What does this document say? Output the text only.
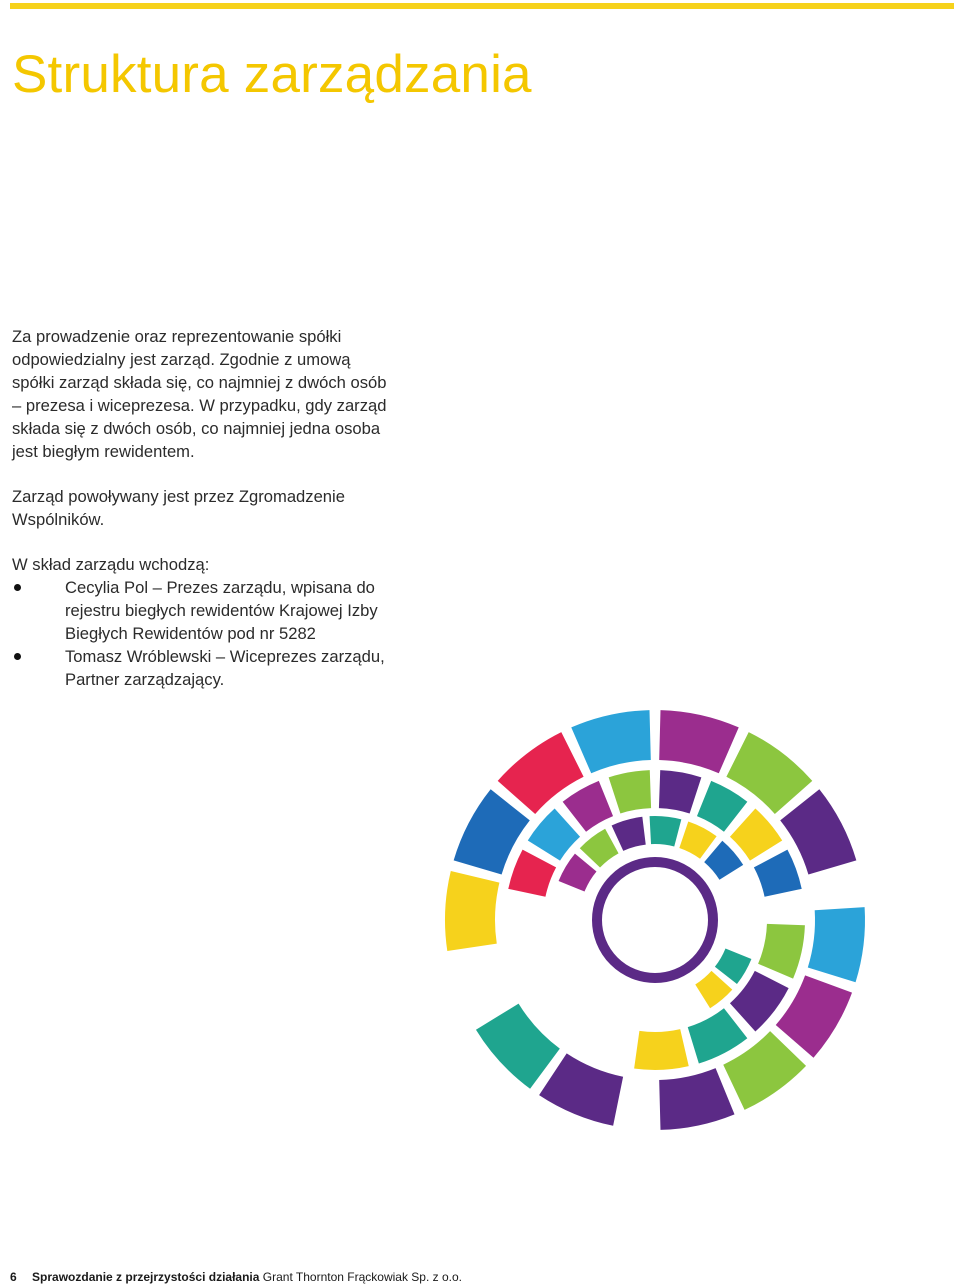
Struktura zarządzania

Za prowadzenie oraz reprezentowanie spółki odpowiedzialny jest zarząd. Zgodnie z umową spółki zarząd składa się, co najmniej z dwóch osób – prezesa i wiceprezesa. W przypadku, gdy zarząd składa się z dwóch osób, co najmniej jedna osoba jest biegłym rewidentem.

Zarząd powoływany jest przez Zgromadzenie Wspólników.

W skład zarządu wchodzą:

Cecylia Pol – Prezes zarządu, wpisana do rejestru biegłych rewidentów Krajowej Izby Biegłych Rewidentów pod nr 5282
Tomasz Wróblewski – Wiceprezes zarządu, Partner zarządzający.
6 Sprawozdanie z przejrzystości działania Grant Thornton Frąckowiak Sp. z o.o.
